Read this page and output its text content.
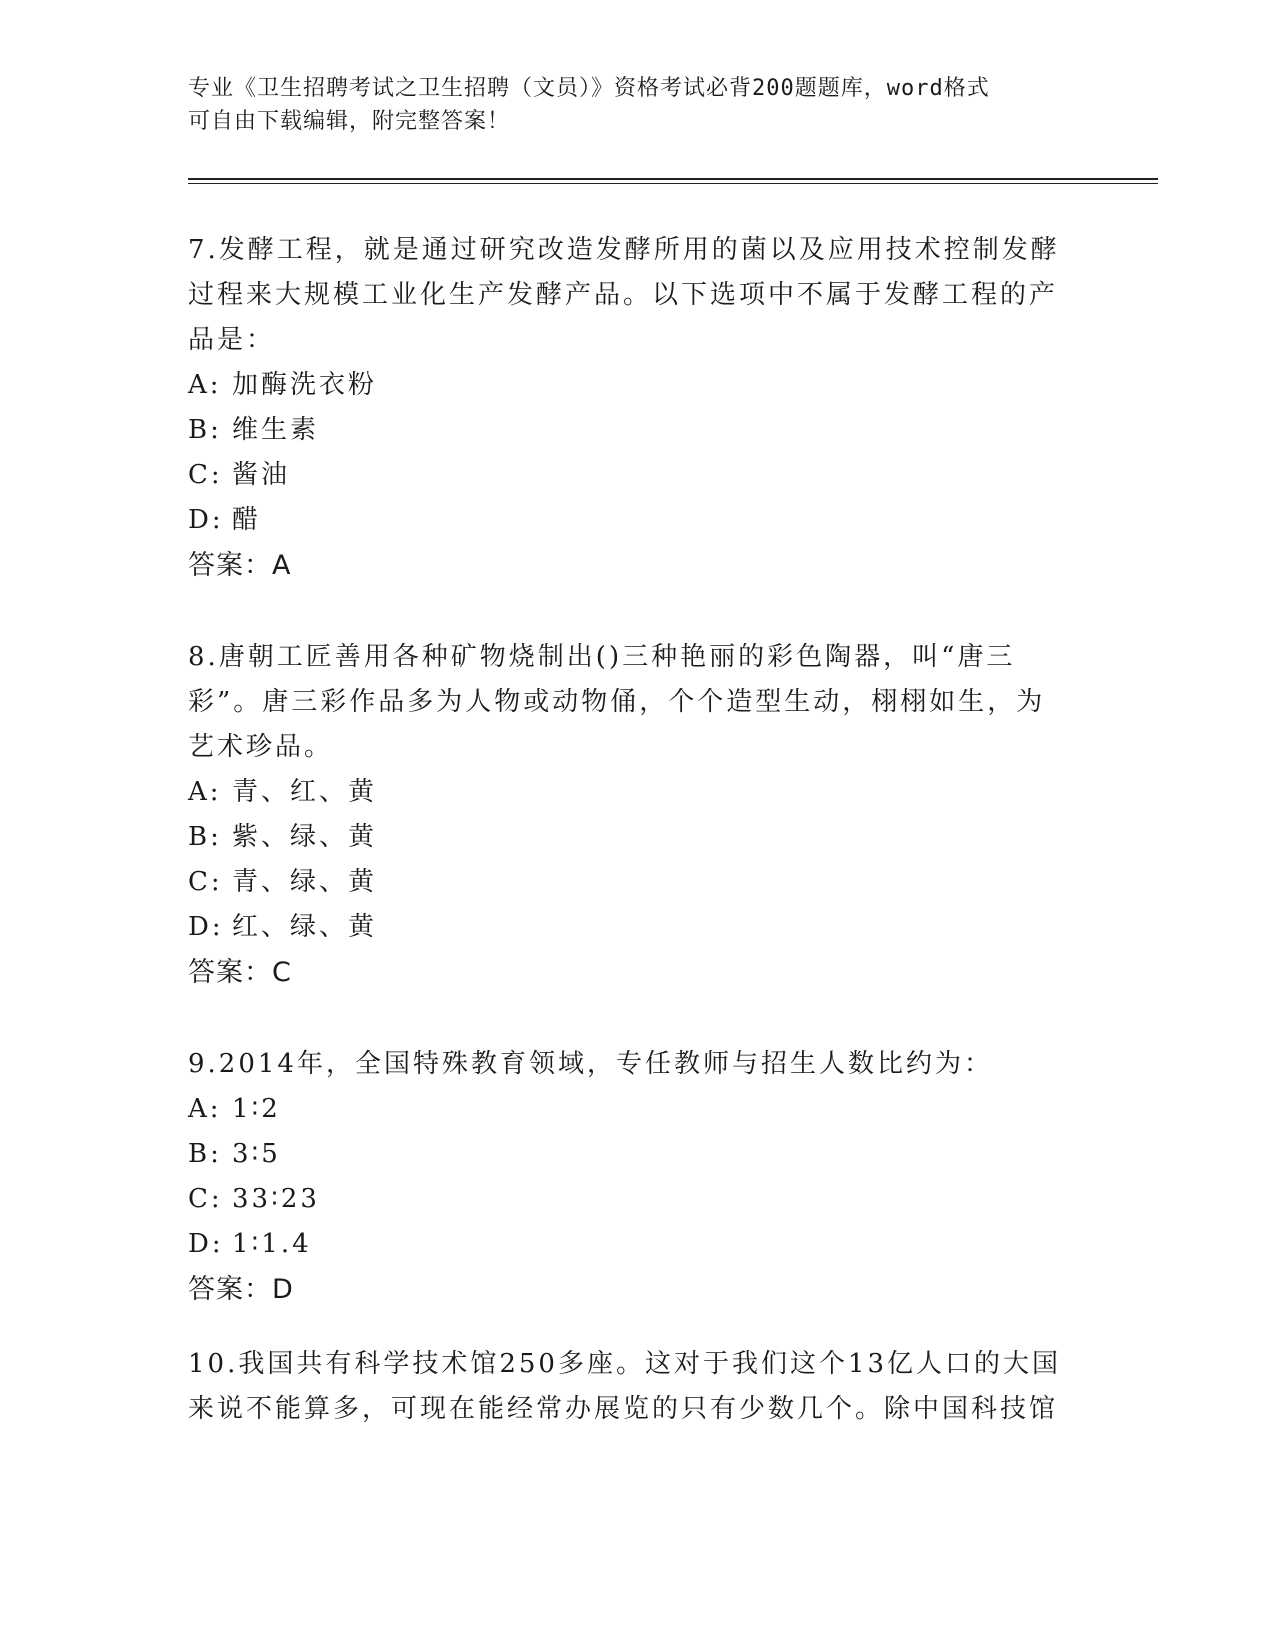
专业《卫生招聘考试之卫生招聘（文员）》资格考试必背200题题库，word格式
可自由下载编辑，附完整答案！

7.发酵工程，就是通过研究改造发酵所用的菌以及应用技术控制发酵过程来大规模工业化生产发酵产品。以下选项中不属于发酵工程的产品是：

A: 加酶洗衣粉

B: 维生素

C: 酱油

D: 醋

答案：A

8.唐朝工匠善用各种矿物烧制出()三种艳丽的彩色陶器，叫“唐三彩”。唐三彩作品多为人物或动物俑，个个造型生动，栩栩如生，为艺术珍品。

A: 青、红、黄

B: 紫、绿、黄

C: 青、绿、黄

D: 红、绿、黄

答案：C

9.2014年，全国特殊教育领域，专任教师与招生人数比约为：

A: 1∶2

B: 3∶5

C: 33∶23

D: 1∶1.4

答案：D

10.我国共有科学技术馆250多座。这对于我们这个13亿人口的大国来说不能算多，可现在能经常办展览的只有少数几个。除中国科技馆
